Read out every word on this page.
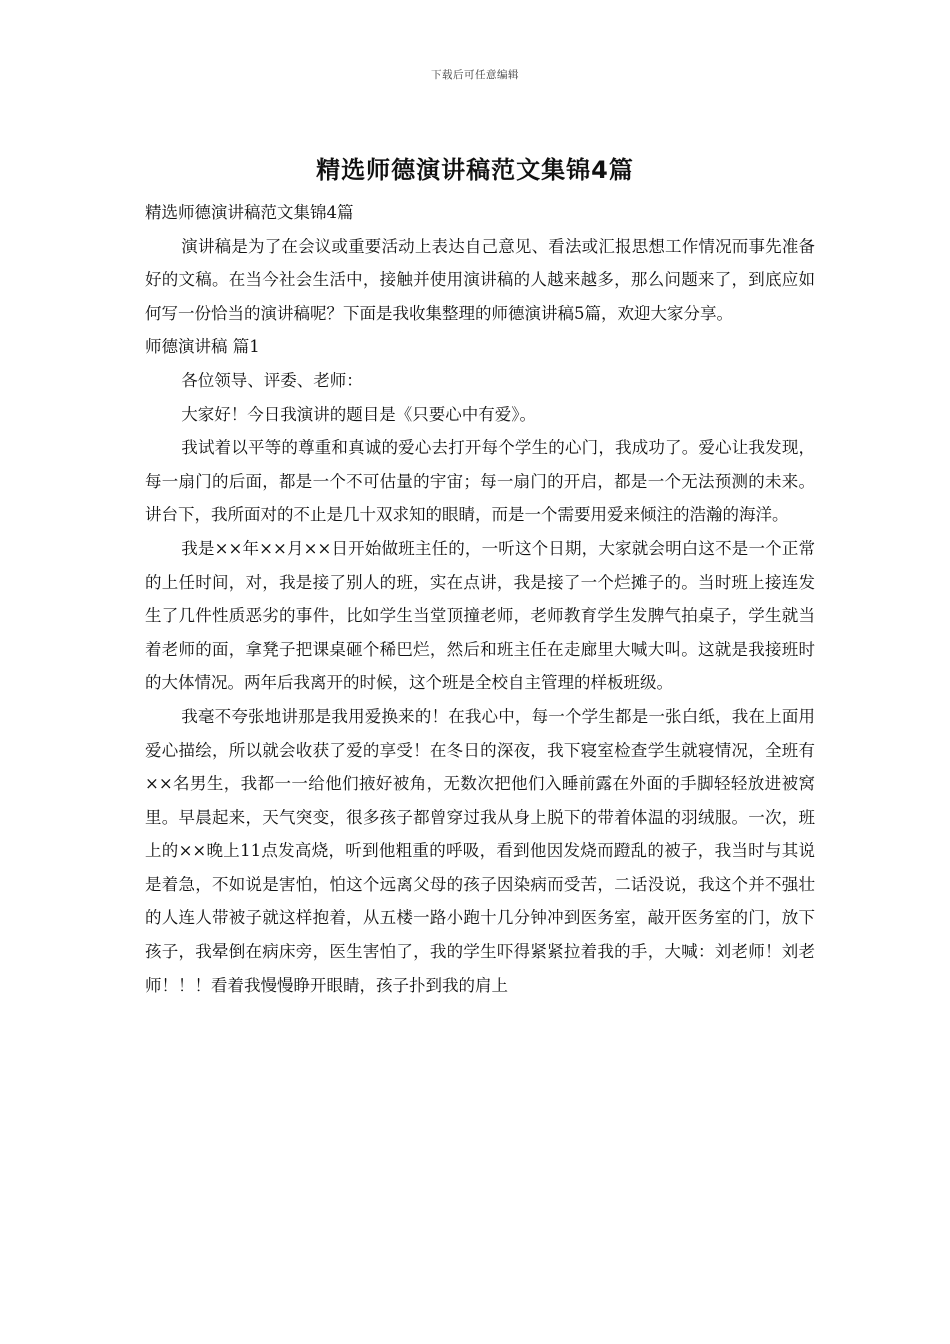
下载后可任意编辑
精选师德演讲稿范文集锦4篇

精选师德演讲稿范文集锦4篇

演讲稿是为了在会议或重要活动上表达自己意见、看法或汇报思想工作情况而事先准备好的文稿。在当今社会生活中，接触并使用演讲稿的人越来越多，那么问题来了，到底应如何写一份恰当的演讲稿呢？下面是我收集整理的师德演讲稿5篇，欢迎大家分享。

师德演讲稿 篇1

各位领导、评委、老师：

大家好！今日我演讲的题目是《只要心中有爱》。

我试着以平等的尊重和真诚的爱心去打开每个学生的心门，我成功了。爱心让我发现，每一扇门的后面，都是一个不可估量的宇宙；每一扇门的开启，都是一个无法预测的未来。讲台下，我所面对的不止是几十双求知的眼睛，而是一个需要用爱来倾注的浩瀚的海洋。

我是××年××月××日开始做班主任的，一听这个日期，大家就会明白这不是一个正常的上任时间，对，我是接了别人的班，实在点讲，我是接了一个烂摊子的。当时班上接连发生了几件性质恶劣的事件，比如学生当堂顶撞老师，老师教育学生发脾气拍桌子，学生就当着老师的面，拿凳子把课桌砸个稀巴烂，然后和班主任在走廊里大喊大叫。这就是我接班时的大体情况。两年后我离开的时候，这个班是全校自主管理的样板班级。

我毫不夸张地讲那是我用爱换来的！在我心中，每一个学生都是一张白纸，我在上面用爱心描绘，所以就会收获了爱的享受！在冬日的深夜，我下寝室检查学生就寝情况，全班有××名男生，我都一一给他们掖好被角，无数次把他们入睡前露在外面的手脚轻轻放进被窝里。早晨起来，天气突变，很多孩子都曾穿过我从身上脱下的带着体温的羽绒服。一次，班上的××晚上11点发高烧，听到他粗重的呼吸，看到他因发烧而蹬乱的被子，我当时与其说是着急，不如说是害怕，怕这个远离父母的孩子因染病而受苦，二话没说，我这个并不强壮的人连人带被子就这样抱着，从五楼一路小跑十几分钟冲到医务室，敲开医务室的门，放下孩子，我晕倒在病床旁，医生害怕了，我的学生吓得紧紧拉着我的手，大喊：刘老师！刘老师！！！看着我慢慢睁开眼睛，孩子扑到我的肩上
